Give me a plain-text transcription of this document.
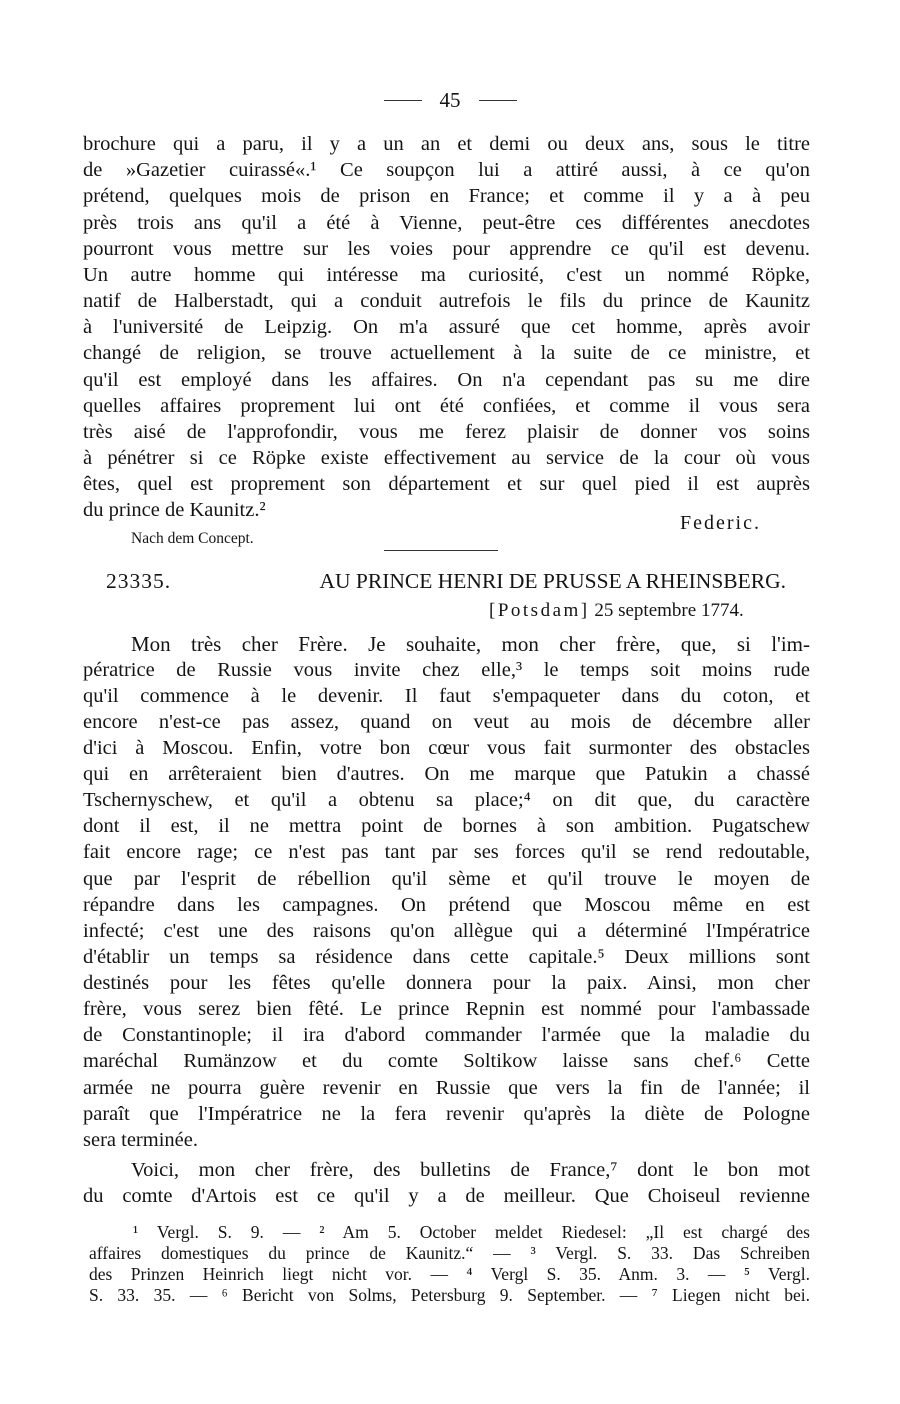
45
brochure qui a paru, il y a un an et demi ou deux ans, sous le titre
de »Gazetier cuirassé«.¹ Ce soupçon lui a attiré aussi, à ce qu'on
prétend, quelques mois de prison en France; et comme il y a à peu
près trois ans qu'il a été à Vienne, peut-être ces différentes anecdotes
pourront vous mettre sur les voies pour apprendre ce qu'il est devenu.
Un autre homme qui intéresse ma curiosité, c'est un nommé Röpke,
natif de Halberstadt, qui a conduit autrefois le fils du prince de Kaunitz
à l'université de Leipzig. On m'a assuré que cet homme, après avoir
changé de religion, se trouve actuellement à la suite de ce ministre, et
qu'il est employé dans les affaires. On n'a cependant pas su me dire
quelles affaires proprement lui ont été confiées, et comme il vous sera
très aisé de l'approfondir, vous me ferez plaisir de donner vos soins
à pénétrer si ce Röpke existe effectivement au service de la cour où vous
êtes, quel est proprement son département et sur quel pied il est auprès
du prince de Kaunitz.²
Federic.
Nach dem Concept.
23335.	AU PRINCE HENRI DE PRUSSE A RHEINSBERG.
[Potsdam] 25 septembre 1774.
Mon très cher Frère. Je souhaite, mon cher frère, que, si l'im-
pératrice de Russie vous invite chez elle,³ le temps soit moins rude
qu'il commence à le devenir. Il faut s'empaqueter dans du coton, et
encore n'est-ce pas assez, quand on veut au mois de décembre aller
d'ici à Moscou. Enfin, votre bon cœur vous fait surmonter des obstacles
qui en arrêteraient bien d'autres. On me marque que Patukin a chassé
Tschernyschew, et qu'il a obtenu sa place;⁴ on dit que, du caractère
dont il est, il ne mettra point de bornes à son ambition. Pugatschew
fait encore rage; ce n'est pas tant par ses forces qu'il se rend redoutable,
que par l'esprit de rébellion qu'il sème et qu'il trouve le moyen de
répandre dans les campagnes. On prétend que Moscou même en est
infecté; c'est une des raisons qu'on allègue qui a déterminé l'Impératrice
d'établir un temps sa résidence dans cette capitale.⁵ Deux millions sont
destinés pour les fêtes qu'elle donnera pour la paix. Ainsi, mon cher
frère, vous serez bien fêté. Le prince Repnin est nommé pour l'ambassade
de Constantinople; il ira d'abord commander l'armée que la maladie du
maréchal Rumänzow et du comte Soltikow laisse sans chef.⁶ Cette
armée ne pourra guère revenir en Russie que vers la fin de l'année; il
paraît que l'Impératrice ne la fera revenir qu'après la diète de Pologne
sera terminée.
Voici, mon cher frère, des bulletins de France,⁷ dont le bon mot
du comte d'Artois est ce qu'il y a de meilleur. Que Choiseul revienne
¹ Vergl. S. 9. — ² Am 5. October meldet Riedesel: „Il est chargé des
affaires domestiques du prince de Kaunitz.“ — ³ Vergl. S. 33. Das Schreiben
des Prinzen Heinrich liegt nicht vor. — ⁴ Vergl S. 35. Anm. 3. — ⁵ Vergl.
S. 33. 35. — ⁶ Bericht von Solms, Petersburg 9. September. — ⁷ Liegen nicht bei.
